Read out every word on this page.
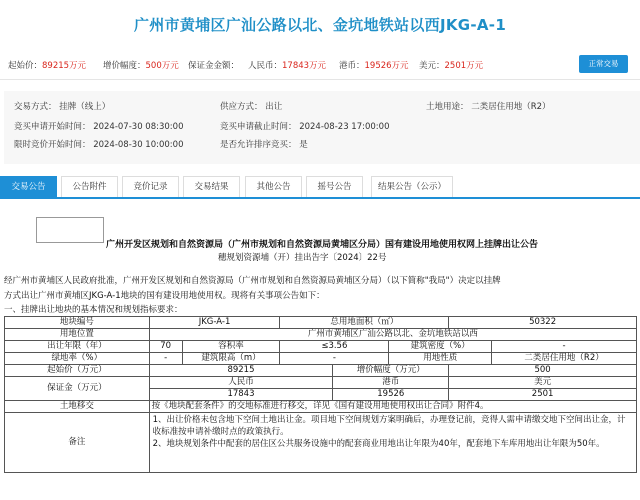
广州市黄埔区广汕公路以北、金坑地铁站以西JKG-A-1
起始价：89215万元 增价幅度：500万元 保证金金额： 人民币：17843万元 港币：19526万元 美元：2501万元	正常交易
交易方式： 挂牌（线上）	供应方式： 出让	土地用途： 二类居住用地（R2）
竞买申请开始时间： 2024-07-30 08:30:00	竞买申请截止时间： 2024-08-23 17:00:00
限时竞价开始时间： 2024-08-30 10:00:00	是否允许排序竞买： 是
交易公告	公告附件	竞价记录	交易结果	其他公告	摇号公告	结果公告（公示）
广州开发区规划和自然资源局（广州市规划和自然资源局黄埔区分局）国有建设用地使用权网上挂牌出让公告
穗规划资源埔（开）挂出告字〔2024〕22号
经广州市黄埔区人民政府批准，广州开发区规划和自然资源局（广州市规划和自然资源局黄埔区分局）（以下简称"我局"）决定以挂牌
方式出让广州市黄埔区JKG-A-1地块的国有建设用地使用权。现将有关事项公告如下：
一、挂牌出让地块的基本情况和规划指标要求：
地块编号	JKG-A-1		总用地面积（㎡）			50322	
用地位置	广州市黄埔区广汕公路以北、金坑地铁站以西						
出让年限（年）	70	容积率	≤3.56		建筑密度（%）		-
绿地率（%）	-	建筑限高（m）	-		用地性质		二类居住用地（R2）
起始价（万元）	89215			增价幅度（万元）		500	
保证金（万元）	人民币			港币		美元	
	17843			19526		2501	
土地移交	按《地块配套条件》的交地标准进行移交，详见《国有建设用地使用权出让合同》附件4。						
备注	1、出让价格未包含地下空间土地出让金。项目地下空间规划方案明确后，办理登记前，竞得人需申请缴交地下空间出让金，计收标准按申请补缴时点的政策执行。
2、地块规划条件中配套的居住区公共服务设施中的配套商业用地出让年限为40年，配套地下车库用地出让年限为50年。						
